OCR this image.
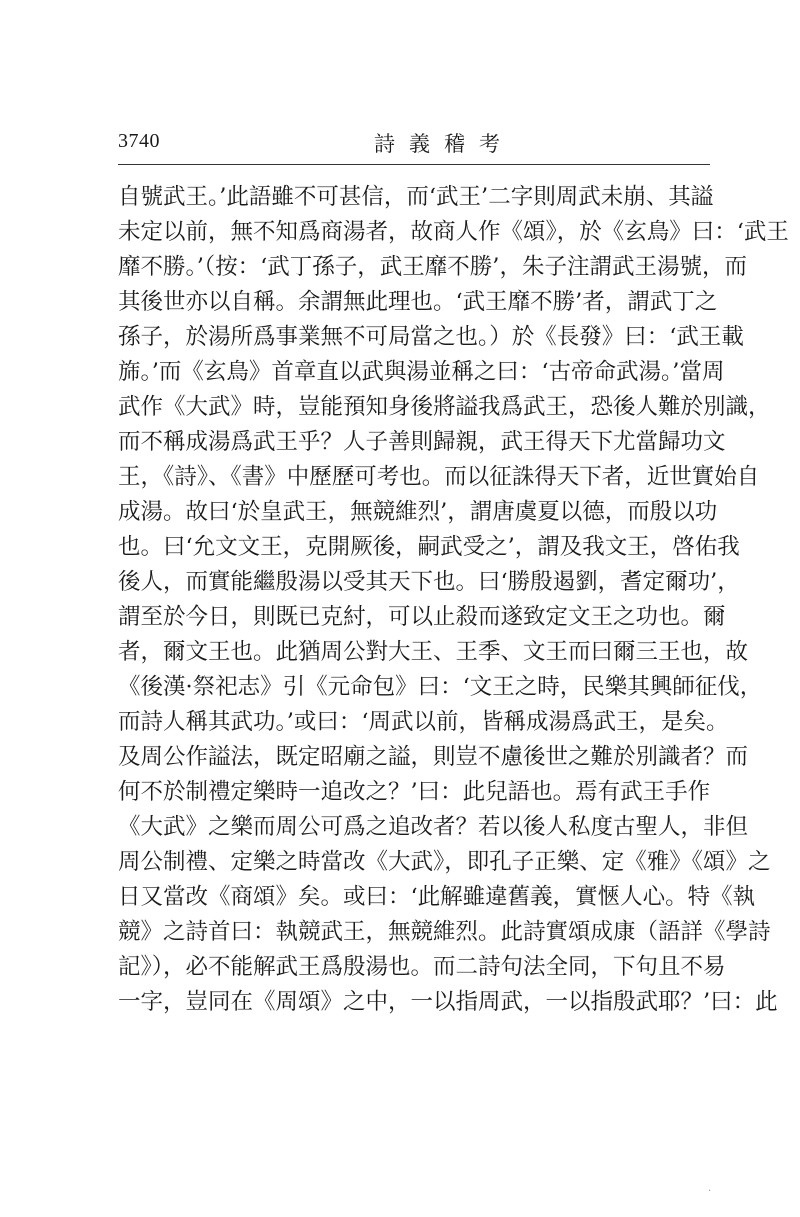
3740	詩義稽考
自號武王。’此語雖不可甚信，而‘武王’二字則周武未崩、其謚
未定以前，無不知爲商湯者，故商人作《頌》，於《玄鳥》曰：‘武王
靡不勝。’（按：‘武丁孫子，武王靡不勝’，朱子注謂武王湯號，而
其後世亦以自稱。余謂無此理也。‘武王靡不勝’者，謂武丁之
孫子，於湯所爲事業無不可局當之也。）於《長發》曰：‘武王載
旆。’而《玄鳥》首章直以武與湯並稱之曰：‘古帝命武湯。’當周
武作《大武》時，豈能預知身後將謚我爲武王，恐後人難於別識，
而不稱成湯爲武王乎？人子善則歸親，武王得天下尤當歸功文
王，《詩》、《書》中歷歷可考也。而以征誅得天下者，近世實始自
成湯。故曰‘於皇武王，無競維烈’，謂唐虞夏以德，而殷以功
也。曰‘允文文王，克開厥後，嗣武受之’，謂及我文王，啓佑我
後人，而實能繼殷湯以受其天下也。曰‘勝殷遏劉，耆定爾功’，
謂至於今日，則既已克紂，可以止殺而遂致定文王之功也。爾
者，爾文王也。此猶周公對大王、王季、文王而曰爾三王也，故
《後漢·祭祀志》引《元命包》曰：‘文王之時，民樂其興師征伐，
而詩人稱其武功。’或曰：‘周武以前，皆稱成湯爲武王，是矣。
及周公作謚法，既定昭廟之謚，則豈不慮後世之難於別識者？而
何不於制禮定樂時一追改之？’曰：此兒語也。焉有武王手作
《大武》之樂而周公可爲之追改者？若以後人私度古聖人，非但
周公制禮、定樂之時當改《大武》，即孔子正樂、定《雅》《頌》之
日又當改《商頌》矣。或曰：‘此解雖違舊義，實愜人心。特《執
競》之詩首曰：執競武王，無競維烈。此詩實頌成康（語詳《學詩
記》），必不能解武王爲殷湯也。而二詩句法全同，下句且不易
一字，豈同在《周頌》之中，一以指周武，一以指殷武耶？’曰：此
·
